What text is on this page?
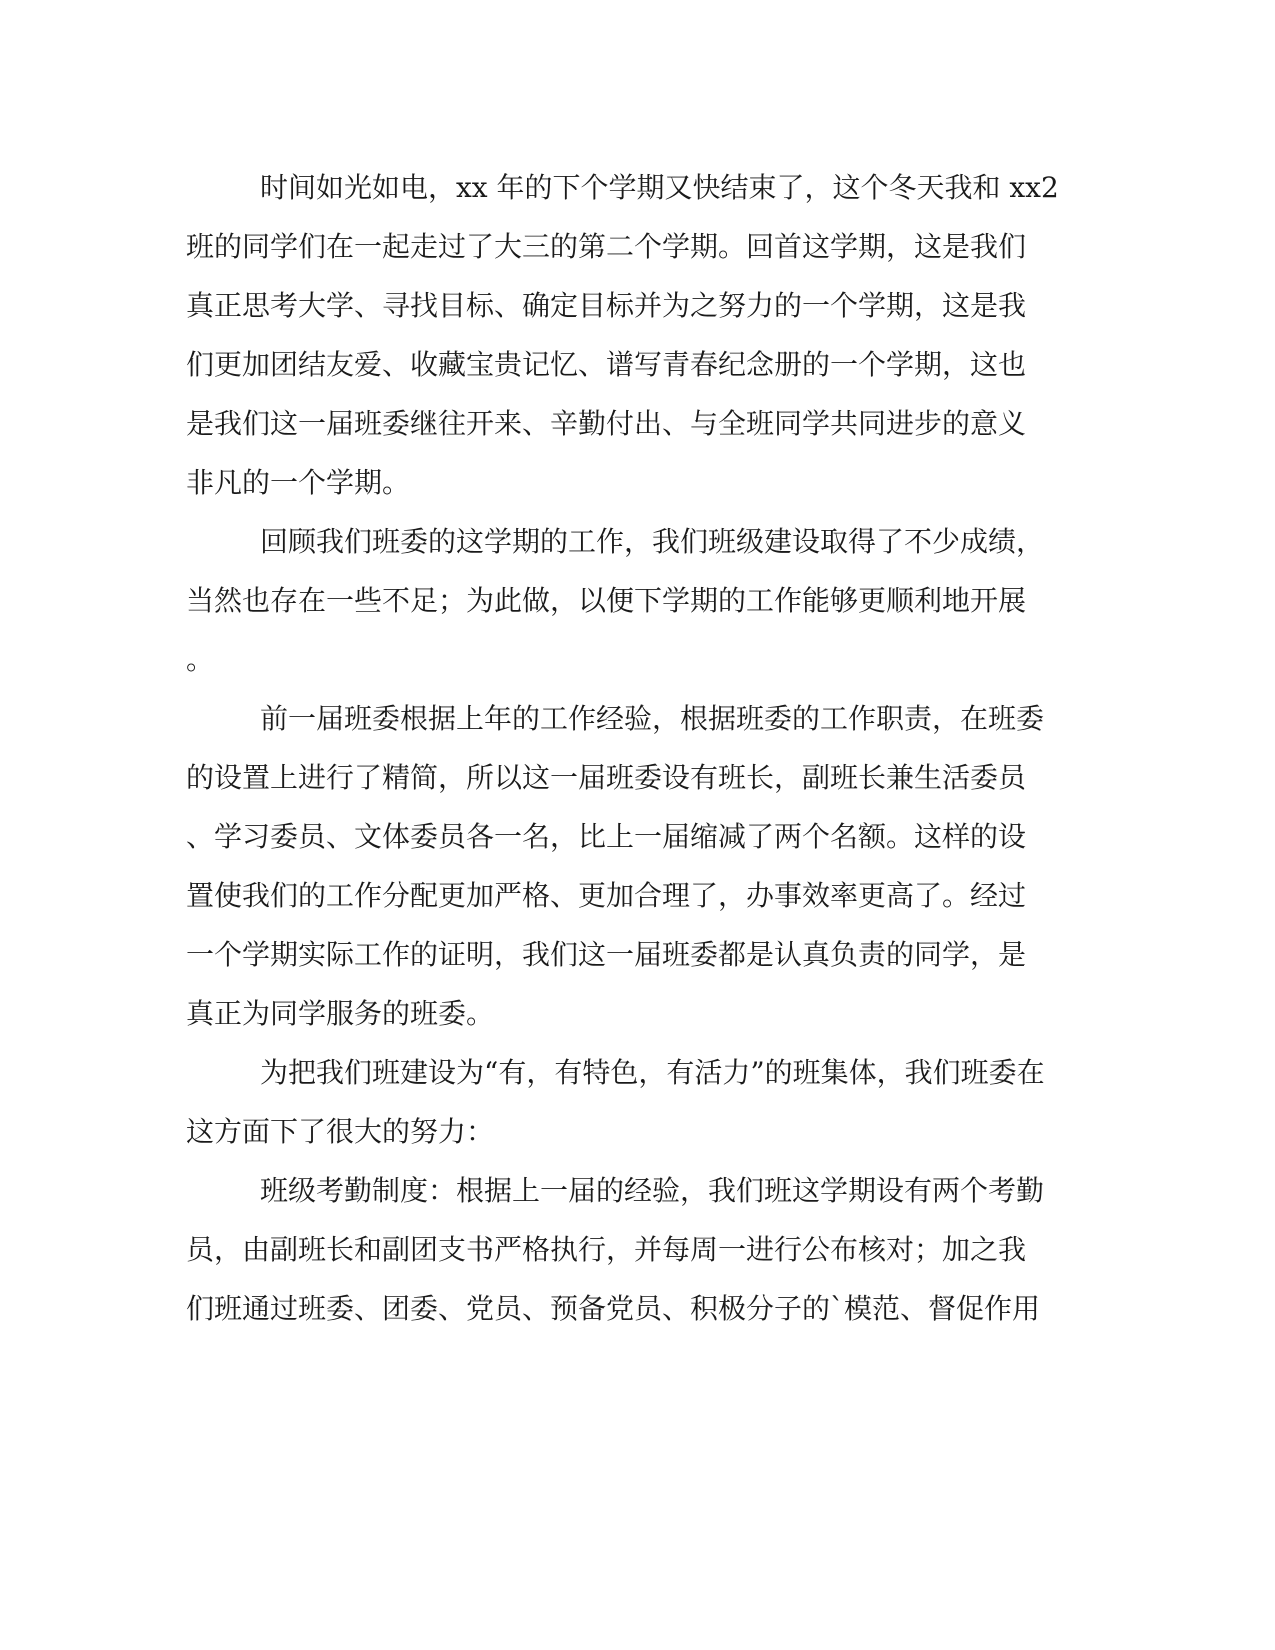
时间如光如电，xx 年的下个学期又快结束了，这个冬天我和 xx2
班的同学们在一起走过了大三的第二个学期。回首这学期，这是我们
真正思考大学、寻找目标、确定目标并为之努力的一个学期，这是我
们更加团结友爱、收藏宝贵记忆、谱写青春纪念册的一个学期，这也
是我们这一届班委继往开来、辛勤付出、与全班同学共同进步的意义
非凡的一个学期。
回顾我们班委的这学期的工作，我们班级建设取得了不少成绩，
当然也存在一些不足；为此做，以便下学期的工作能够更顺利地开展
。
前一届班委根据上年的工作经验，根据班委的工作职责，在班委
的设置上进行了精简，所以这一届班委设有班长，副班长兼生活委员
、学习委员、文体委员各一名，比上一届缩减了两个名额。这样的设
置使我们的工作分配更加严格、更加合理了，办事效率更高了。经过
一个学期实际工作的证明，我们这一届班委都是认真负责的同学，是
真正为同学服务的班委。
为把我们班建设为“有，有特色，有活力”的班集体，我们班委在
这方面下了很大的努力：
班级考勤制度：根据上一届的经验，我们班这学期设有两个考勤
员，由副班长和副团支书严格执行，并每周一进行公布核对；加之我
们班通过班委、团委、党员、预备党员、积极分子的`模范、督促作用
